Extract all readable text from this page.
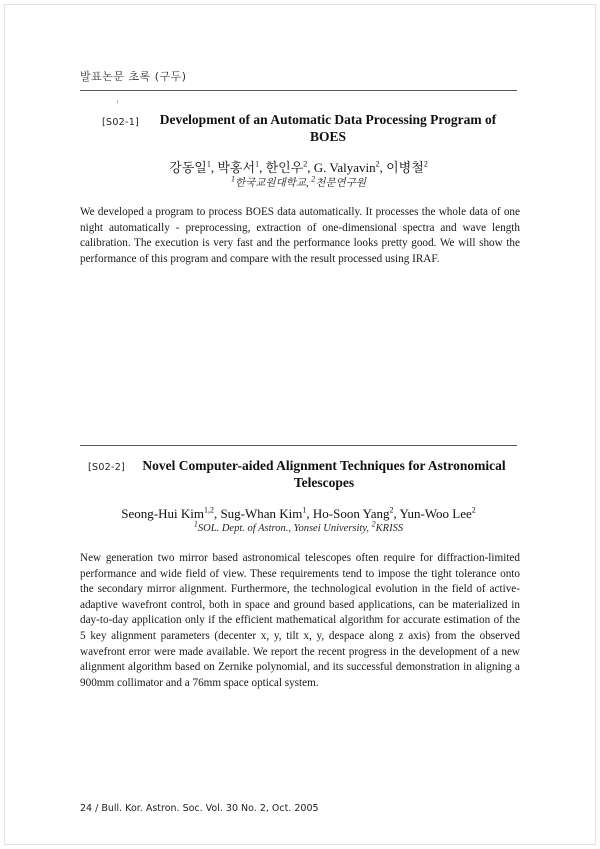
발표논문 초록 (구두)
[S02-1]	Development of an Automatic Data Processing Program of
BOES
강동일$^1$, 박홍서$^1$, 한인우$^2$, G. Valyavin$^2$, 이병철$^2$
$^1$한국교원대학교, $^2$천문연구원
We developed a program to process BOES data automatically. It processes the whole data of one night automatically - preprocessing, extraction of one-dimensional spectra and wave length calibration. The execution is very fast and the performance looks pretty good. We will show the performance of this program and compare with the result processed using IRAF.
[S02-2]	Novel Computer-aided Alignment Techniques for Astronomical
Telescopes
Seong-Hui Kim$^{1,2}$, Sug-Whan Kim$^1$, Ho-Soon Yang$^2$, Yun-Woo Lee$^2$
$^1$SOL. Dept. of Astron., Yonsei University, $^2$KRISS
New generation two mirror based astronomical telescopes often require for diffraction-limited performance and wide field of view. These requirements tend to impose the tight tolerance onto the secondary mirror alignment. Furthermore, the technological evolution in the field of active-adaptive wavefront control, both in space and ground based applications, can be materialized in day-to-day application only if the efficient mathematical algorithm for accurate estimation of the 5 key alignment parameters (decenter x, y, tilt x, y, despace along z axis) from the observed wavefront error were made available. We report the recent progress in the development of a new alignment algorithm based on Zernike polynomial, and its successful demonstration in aligning a 900mm collimator and a 76mm space optical system.
24 / Bull. Kor. Astron. Soc. Vol. 30 No. 2, Oct. 2005
